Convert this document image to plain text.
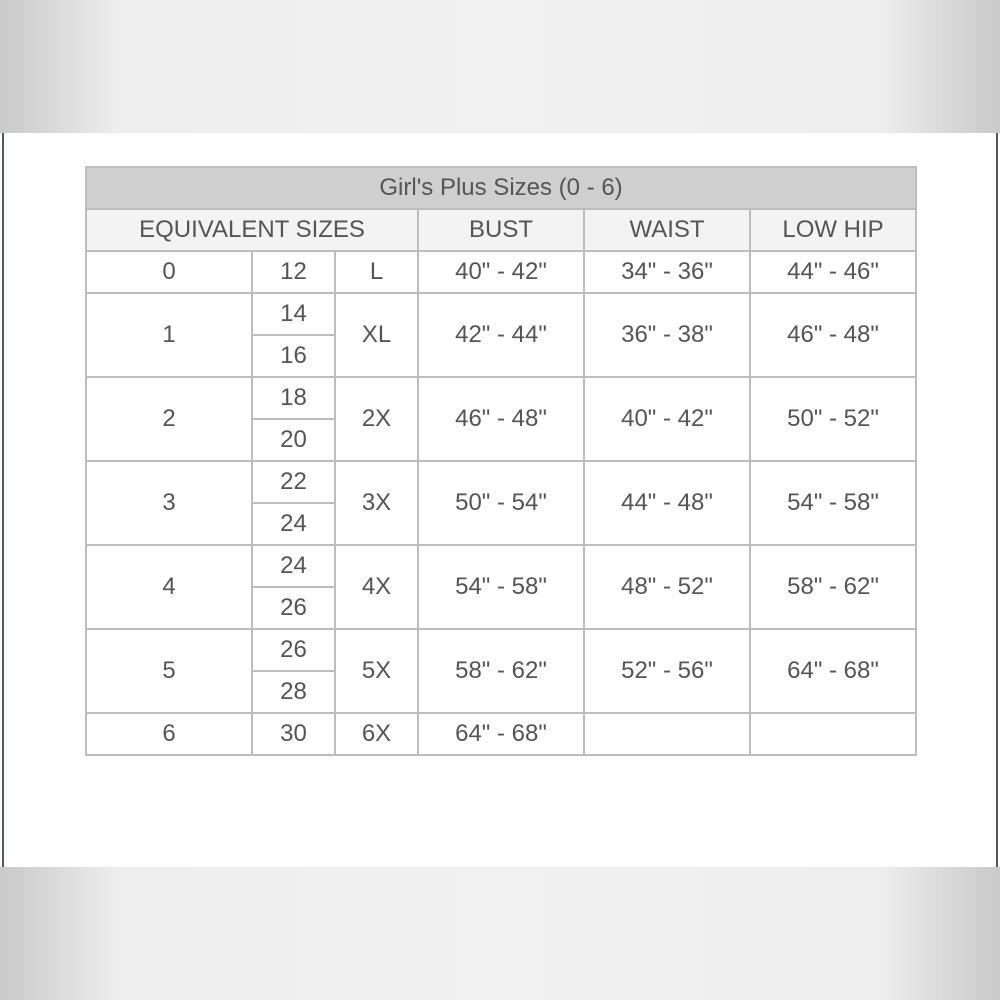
Girl's Plus Sizes (0 - 6)					
EQUIVALENT SIZES			BUST	WAIST	LOW HIP
0	12	L	40" - 42"	34" - 36"	44" - 46"
1	14	XL	42" - 44"	36" - 38"	46" - 48"
	16				
2	18	2X	46" - 48"	40" - 42"	50" - 52"
	20				
3	22	3X	50" - 54"	44" - 48"	54" - 58"
	24				
4	24	4X	54" - 58"	48" - 52"	58" - 62"
	26				
5	26	5X	58" - 62"	52" - 56"	64" - 68"
	28				
6	30	6X	64" - 68"		
